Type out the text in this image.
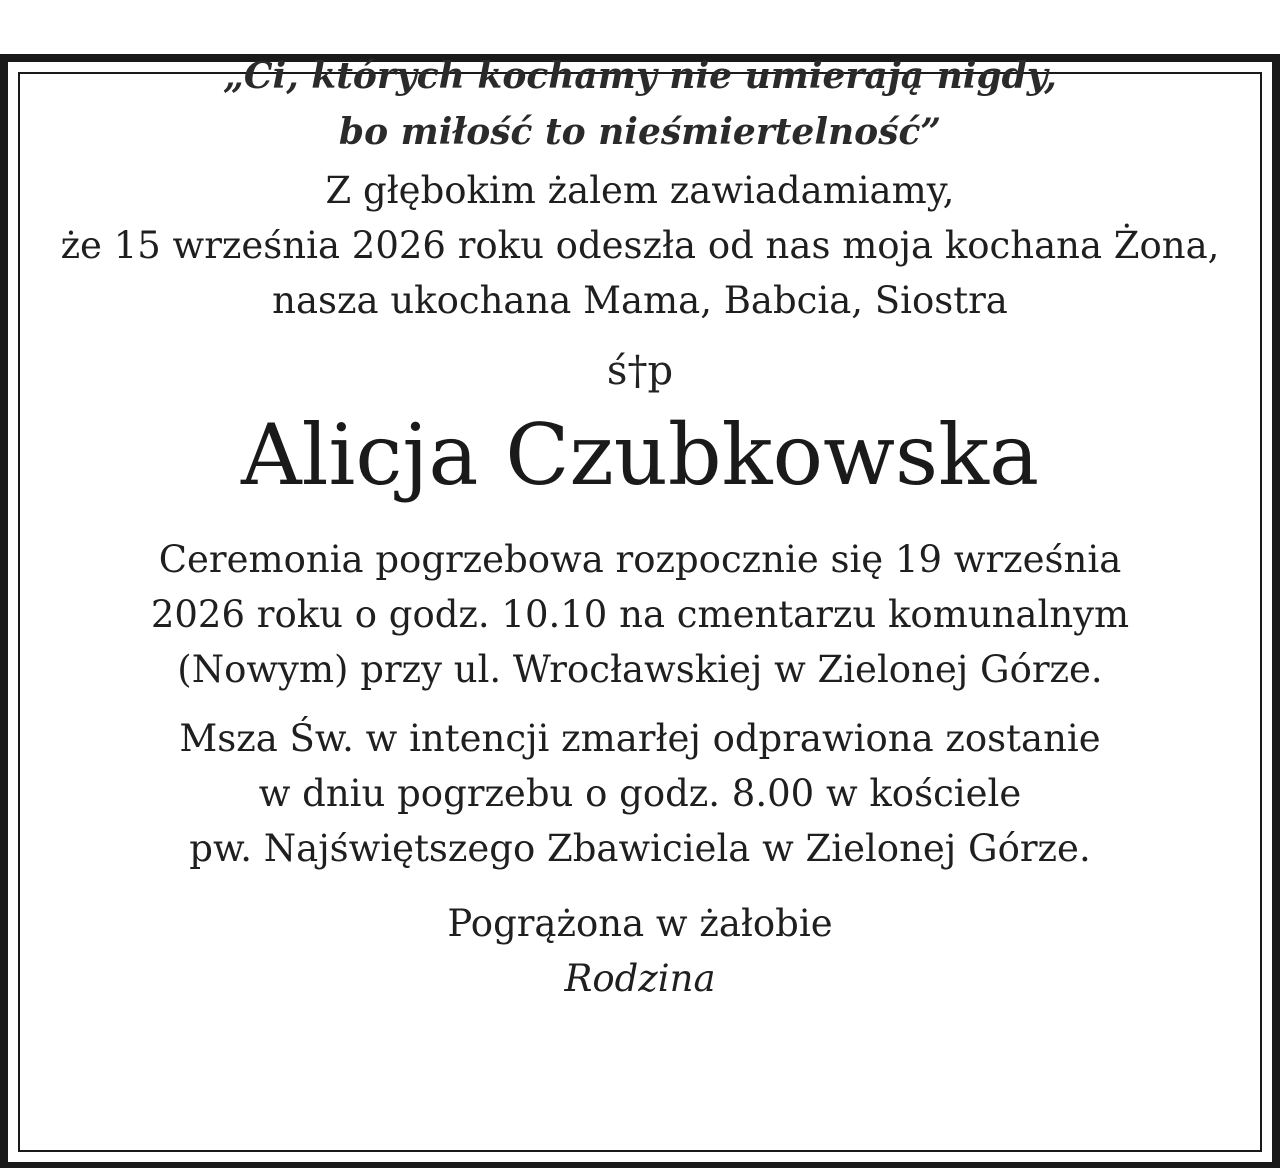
„Ci, których kochamy nie umierają nigdy,
bo miłość to nieśmiertelność”
Z głębokim żalem zawiadamiamy,
że 15 września 2026 roku odeszła od nas moja kochana Żona,
nasza ukochana Mama, Babcia, Siostra
ś†p
Alicja Czubkowska
Ceremonia pogrzebowa rozpocznie się 19 września
2026 roku o godz. 10.10 na cmentarzu komunalnym
(Nowym) przy ul. Wrocławskiej w Zielonej Górze.
Msza Św. w intencji zmarłej odprawiona zostanie
w dniu pogrzebu o godz. 8.00 w kościele
pw. Najświętszego Zbawiciela w Zielonej Górze.
Pogrążona w żałobie
Rodzina
